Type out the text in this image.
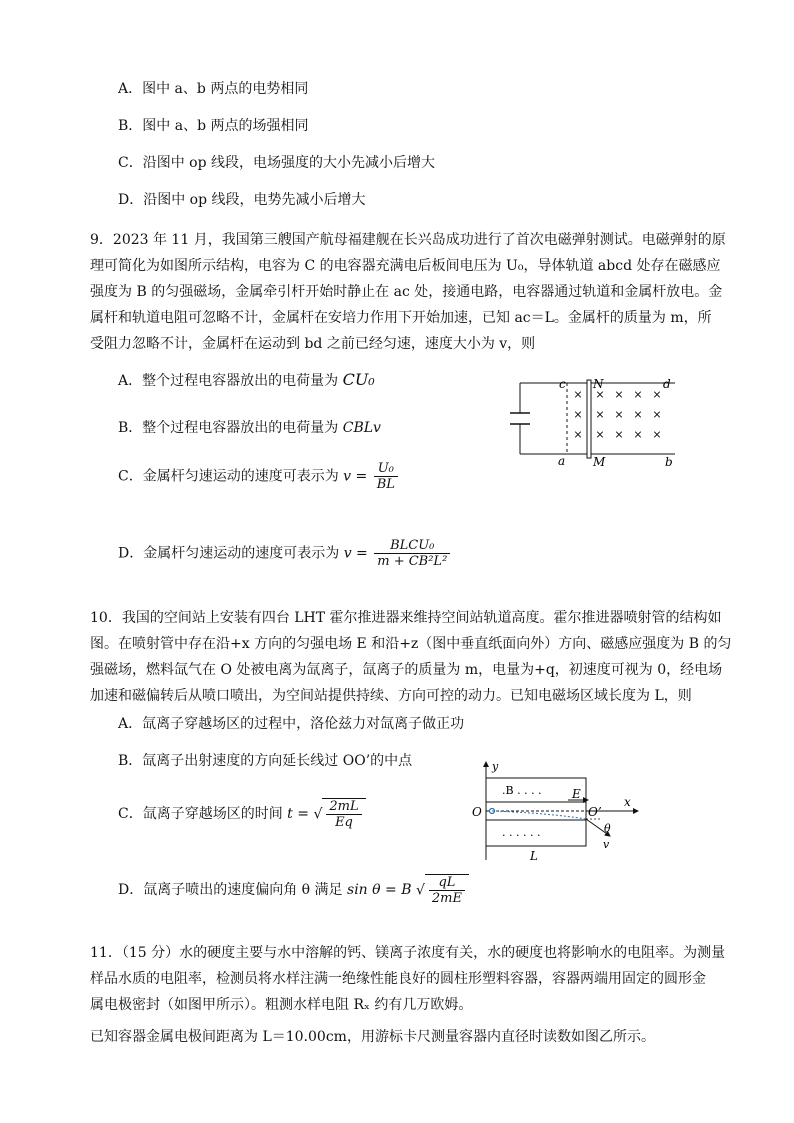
A．图中 a、b 两点的电势相同
B．图中 a、b 两点的场强相同
C．沿图中 op 线段，电场强度的大小先减小后增大
D．沿图中 op 线段，电势先减小后增大
9．2023 年 11 月，我国第三艘国产航母福建舰在长兴岛成功进行了首次电磁弹射测试。电磁弹射的原
理可简化为如图所示结构，电容为 C 的电容器充满电后板间电压为 U₀，导体轨道 abcd 处存在磁感应
强度为 B 的匀强磁场，金属牵引杆开始时静止在 ac 处，接通电路，电容器通过轨道和金属杆放电。金
属杆和轨道电阻可忽略不计，金属杆在安培力作用下开始加速，已知 ac＝L。金属杆的质量为 m，所
受阻力忽略不计，金属杆在运动到 bd 之前已经匀速，速度大小为 v，则
A．整个过程电容器放出的电荷量为 CU₀
B．整个过程电容器放出的电荷量为 CBLv
C．金属杆匀速运动的速度可表示为 $v = \frac{\text{U₀}}{BL}$
D．金属杆匀速运动的速度可表示为 $v = \frac{\text{BLCU₀}}{\text{m + CB²L²}}$
×
×
×
× × × ×
× × × ×
× × × ×
c N	d
a M	b
10．我国的空间站上安装有四台 LHT 霍尔推进器来维持空间站轨道高度。霍尔推进器喷射管的结构如
图。在喷射管中存在沿+x 方向的匀强电场 E 和沿+z（图中垂直纸面向外）方向、磁感应强度为 B 的匀
强磁场，燃料氙气在 O 处被电离为氙离子，氙离子的质量为 m，电量为+q，初速度可视为 0，经电场
加速和磁偏转后从喷口喷出，为空间站提供持续、方向可控的动力。已知电磁场区域长度为 L，则
A．氙离子穿越场区的过程中，洛伦兹力对氙离子做正功
B．氙离子出射速度的方向延长线过 OO’的中点
C．氙离子穿越场区的时间 t = √ $\frac{2mL}{Eq}$
D．氙离子喷出的速度偏向角 θ 满足 sin θ = B √ $\frac{qL}{2mE}$
y
.B . . . .	E
O	O’
x
. . . . . .	θ
v
L
11．（15 分）水的硬度主要与水中溶解的钙、镁离子浓度有关，水的硬度也将影响水的电阻率。为测量
样品水质的电阻率，检测员将水样注满一绝缘性能良好的圆柱形塑料容器，容器两端用固定的圆形金
属电极密封（如图甲所示）。粗测水样电阻 Rₓ 约有几万欧姆。
已知容器金属电极间距离为 L＝10.00cm，用游标卡尺测量容器内直径时读数如图乙所示。
